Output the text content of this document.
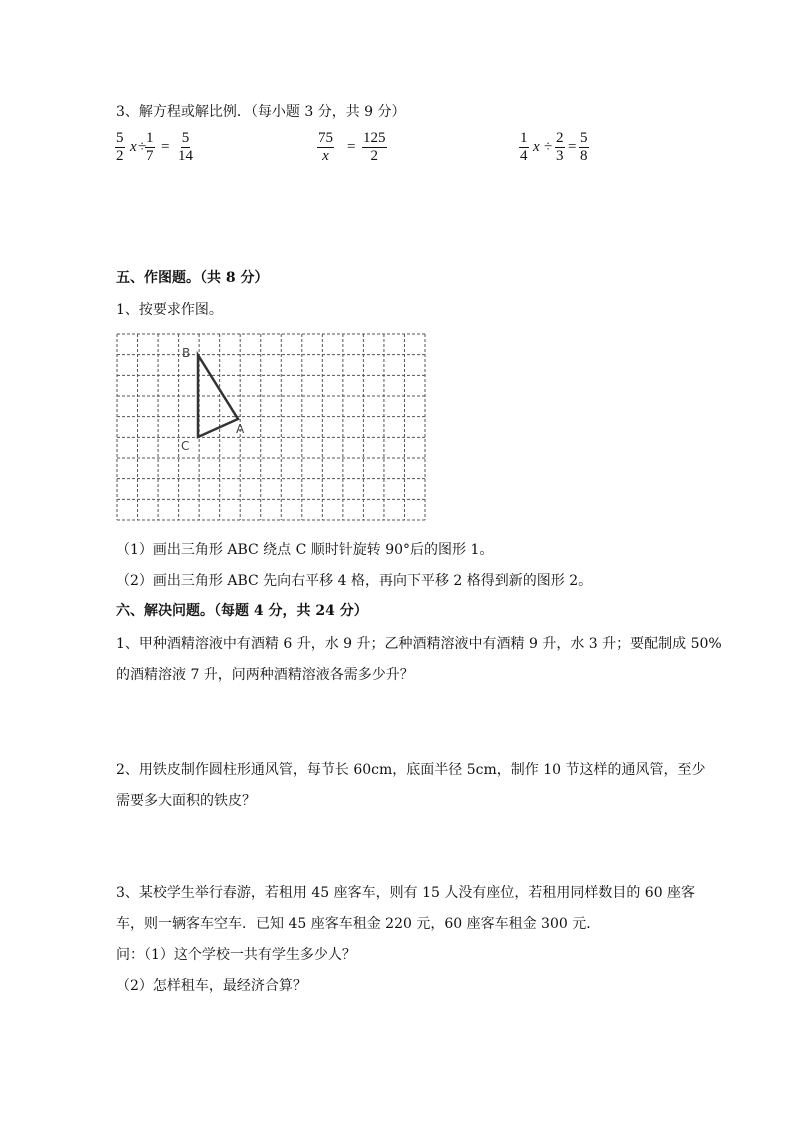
3、解方程或解比例．（每小题 3 分，共 9 分）
$\frac{5}{2}$ x ÷
$\frac{1}{7} = \frac{5}{14}$	$\frac{75}{x} = \frac{125}{2}$	$\frac{1}{4}$ $x \div \frac{2}{3} = \frac{5}{8}$
五、作图题。（共 8 分）
1、按要求作图。
B
A
C
（1）画出三角形 ABC 绕点 C 顺时针旋转 90°后的图形 1。
（2）画出三角形 ABC 先向右平移 4 格，再向下平移 2 格得到新的图形 2。
六、解决问题。（每题 4 分，共 24 分）
1、甲种酒精溶液中有酒精 6 升，水 9 升；乙种酒精溶液中有酒精 9 升，水 3 升；要配制成 50%
的酒精溶液 7 升，问两种酒精溶液各需多少升？
2、用铁皮制作圆柱形通风管，每节长 60cm，底面半径 5cm，制作 10 节这样的通风管，至少
需要多大面积的铁皮？
3、某校学生举行春游，若租用 45 座客车，则有 15 人没有座位，若租用同样数目的 60 座客
车，则一辆客车空车．已知 45 座客车租金 220 元，60 座客车租金 300 元．
问：（1）这个学校一共有学生多少人？
（2）怎样租车，最经济合算？
